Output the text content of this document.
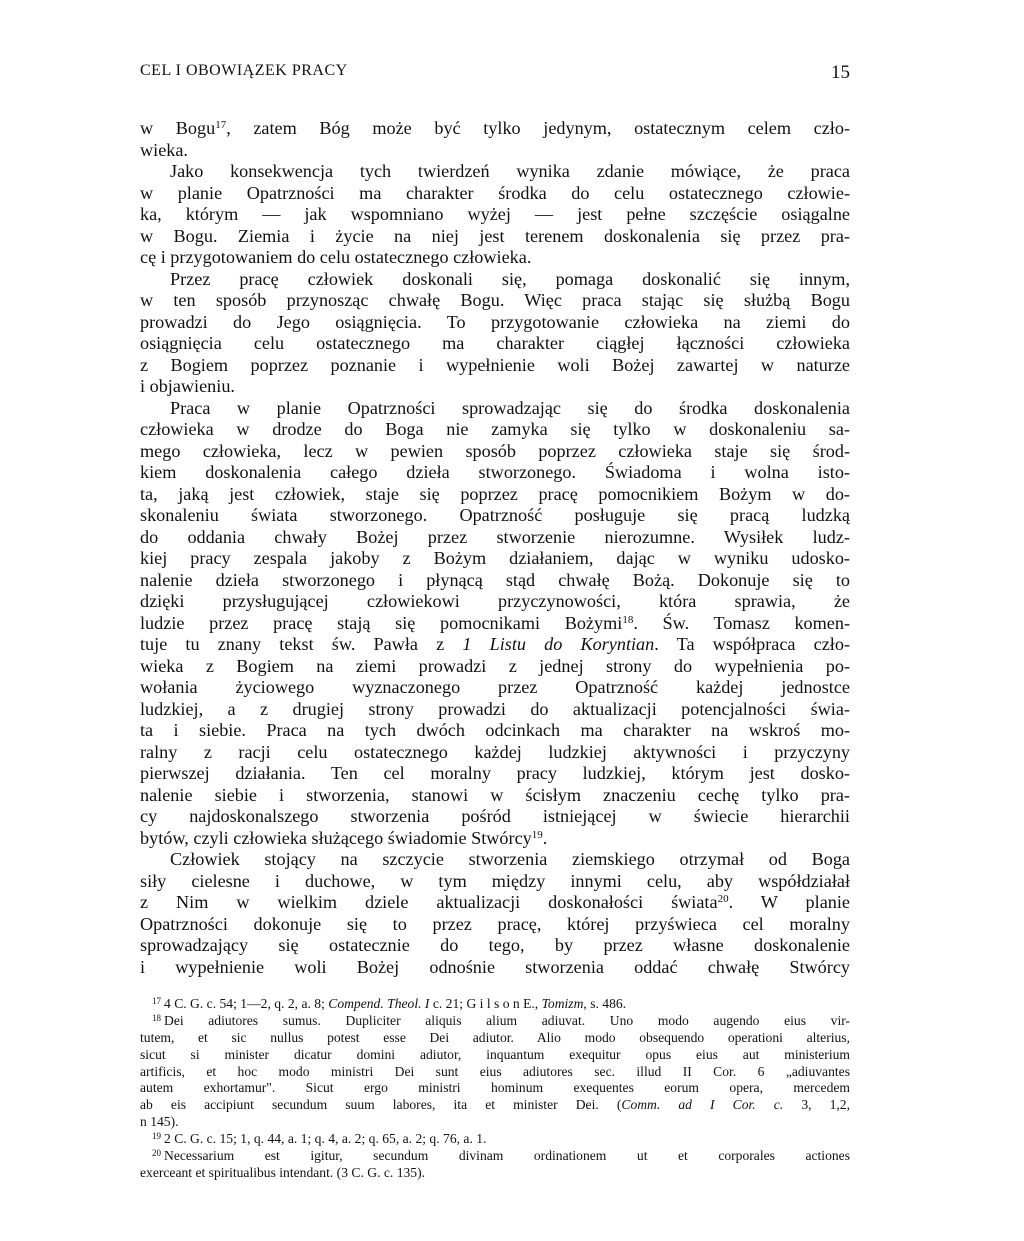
CEL I OBOWIĄZEK PRACY	15
w Bogu$^{17}$, zatem Bóg może być tylko jedynym, ostatecznym celem czło-
wieka.
Jako konsekwencja tych twierdzeń wynika zdanie mówiące, że praca
w planie Opatrzności ma charakter środka do celu ostatecznego człowie-
ka, którym — jak wspomniano wyżej — jest pełne szczęście osiągalne
w Bogu. Ziemia i życie na niej jest terenem doskonalenia się przez pra-
cę i przygotowaniem do celu ostatecznego człowieka.
Przez pracę człowiek doskonali się, pomaga doskonalić się innym,
w ten sposób przynosząc chwałę Bogu. Więc praca stając się służbą Bogu
prowadzi do Jego osiągnięcia. To przygotowanie człowieka na ziemi do
osiągnięcia celu ostatecznego ma charakter ciągłej łączności człowieka
z Bogiem poprzez poznanie i wypełnienie woli Bożej zawartej w naturze
i objawieniu.
Praca w planie Opatrzności sprowadzając się do środka doskonalenia
człowieka w drodze do Boga nie zamyka się tylko w doskonaleniu sa-
mego człowieka, lecz w pewien sposób poprzez człowieka staje się środ-
kiem doskonalenia całego dzieła stworzonego. Świadoma i wolna isto-
ta, jaką jest człowiek, staje się poprzez pracę pomocnikiem Bożym w do-
skonaleniu świata stworzonego. Opatrzność posługuje się pracą ludzką
do oddania chwały Bożej przez stworzenie nierozumne. Wysiłek ludz-
kiej pracy zespala jakoby z Bożym działaniem, dając w wyniku udosko-
nalenie dzieła stworzonego i płynącą stąd chwałę Bożą. Dokonuje się to
dzięki przysługującej człowiekowi przyczynowości, która sprawia, że
ludzie przez pracę stają się pomocnikami Bożymi$^{18}$. Św. Tomasz komen-
tuje tu znany tekst św. Pawła z 1 Listu do Koryntian. Ta współpraca czło-
wieka z Bogiem na ziemi prowadzi z jednej strony do wypełnienia po-
wołania życiowego wyznaczonego przez Opatrzność każdej jednostce
ludzkiej, a z drugiej strony prowadzi do aktualizacji potencjalności świa-
ta i siebie. Praca na tych dwóch odcinkach ma charakter na wskroś mo-
ralny z racji celu ostatecznego każdej ludzkiej aktywności i przyczyny
pierwszej działania. Ten cel moralny pracy ludzkiej, którym jest dosko-
nalenie siebie i stworzenia, stanowi w ścisłym znaczeniu cechę tylko pra-
cy najdoskonalszego stworzenia pośród istniejącej w świecie hierarchii
bytów, czyli człowieka służącego świadomie Stwórcy$^{19}$.
Człowiek stojący na szczycie stworzenia ziemskiego otrzymał od Boga
siły cielesne i duchowe, w tym między innymi celu, aby współdziałał
z Nim w wielkim dziele aktualizacji doskonałości świata$^{20}$. W planie
Opatrzności dokonuje się to przez pracę, której przyświeca cel moralny
sprowadzający się ostatecznie do tego, by przez własne doskonalenie
i wypełnienie woli Bożej odnośnie stworzenia oddać chwałę Stwórcy
$^{17}$ 4 C. G. c. 54; 1—2, q. 2, a. 8; Compend. Theol. I c. 21; G i l s o n E., Tomizm, s. 486.
$^{18}$ Dei adiutores sumus. Dupliciter aliquis alium adiuvat. Uno modo augendo eius vir-
tutem, et sic nullus potest esse Dei adiutor. Alio modo obsequendo operationi alterius,
sicut si minister dicatur domini adiutor, inquantum exequitur opus eius aut ministerium
artificis, et hoc modo ministri Dei sunt eius adiutores sec. illud II Cor. 6 „adiuvantes
autem exhortamur". Sicut ergo ministri hominum exequentes eorum opera, mercedem
ab eis accipiunt secundum suum labores, ita et minister Dei. (Comm. ad I Cor. c. 3, 1,2,
n 145).
$^{19}$ 2 C. G. c. 15; 1, q. 44, a. 1; q. 4, a. 2; q. 65, a. 2; q. 76, a. 1.
$^{20}$ Necessarium est igitur, secundum divinam ordinationem ut et corporales actiones
exerceant et spiritualibus intendant. (3 C. G. c. 135).
